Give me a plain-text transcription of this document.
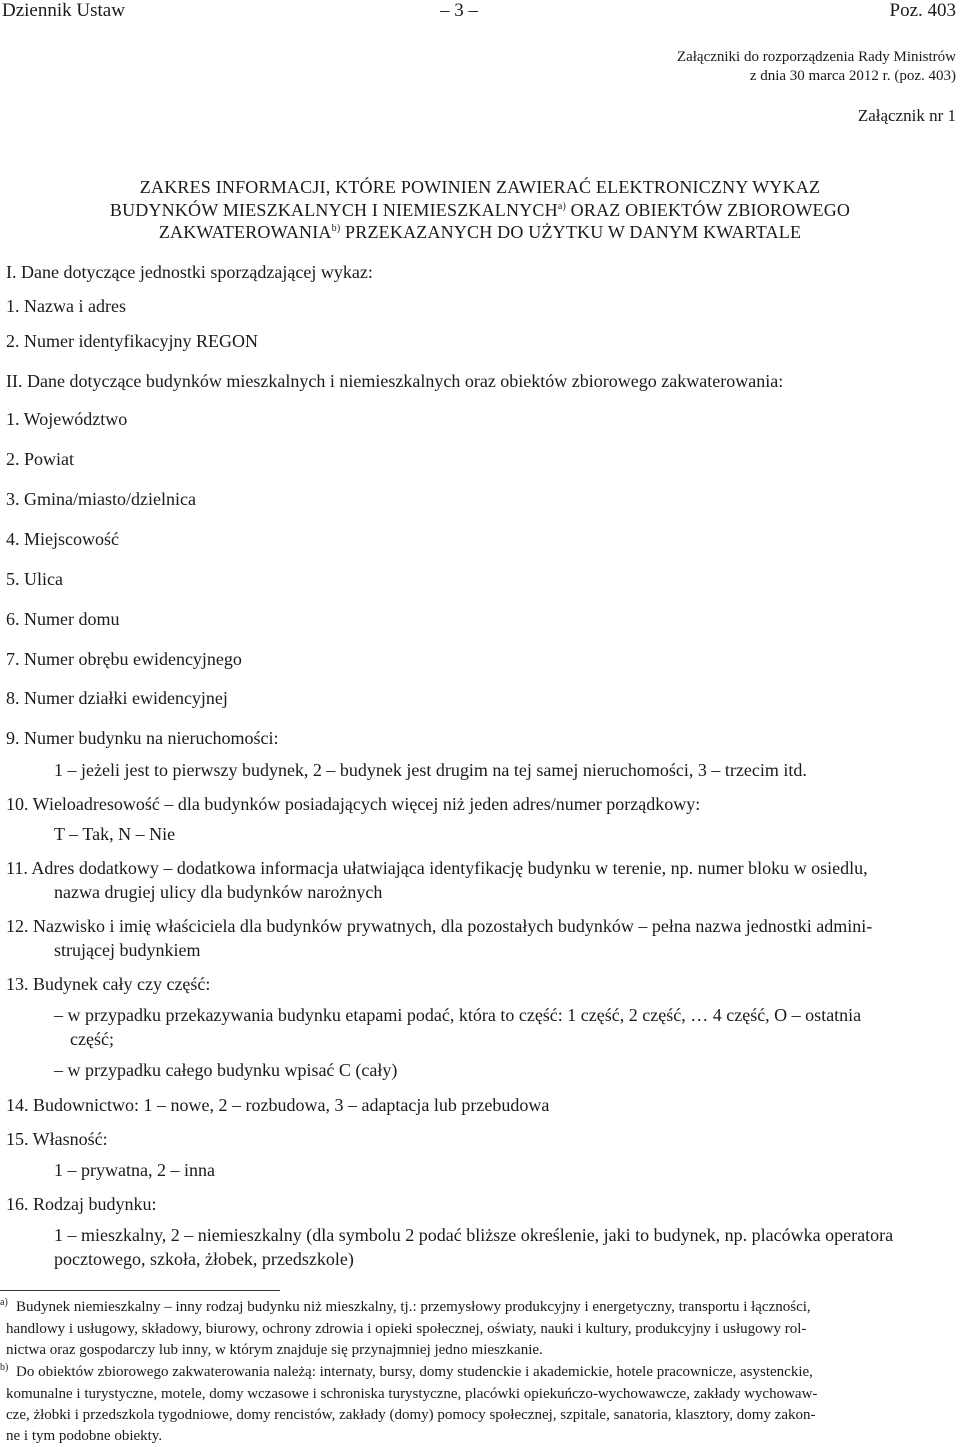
Dziennik Ustaw	– 3 –	Poz. 403
Załączniki do rozporządzenia Rady Ministrów
z dnia 30 marca 2012 r. (poz. 403)
Załącznik nr 1
ZAKRES INFORMACJI, KTÓRE POWINIEN ZAWIERAĆ ELEKTRONICZNY WYKAZ
BUDYNKÓW MIESZKALNYCH I NIEMIESZKALNYCH$^{a)}$ ORAZ OBIEKTÓW ZBIOROWEGO
ZAKWATEROWANIA$^{b)}$ PRZEKAZANYCH DO UŻYTKU W DANYM KWARTALE
I. Dane dotyczące jednostki sporządzającej wykaz:
1. Nazwa i adres
2. Numer identyfikacyjny REGON
II. Dane dotyczące budynków mieszkalnych i niemieszkalnych oraz obiektów zbiorowego zakwaterowania:
1. Województwo
2. Powiat
3. Gmina/miasto/dzielnica
4. Miejscowość
5. Ulica
6. Numer domu
7. Numer obrębu ewidencyjnego
8. Numer działki ewidencyjnej
9. Numer budynku na nieruchomości:
1 – jeżeli jest to pierwszy budynek, 2 – budynek jest drugim na tej samej nieruchomości, 3 – trzecim itd.
10. Wieloadresowość – dla budynków posiadających więcej niż jeden adres/numer porządkowy:
T – Tak, N – Nie
11. Adres dodatkowy – dodatkowa informacja ułatwiająca identyfikację budynku w terenie, np. numer bloku w osiedlu,
nazwa drugiej ulicy dla budynków narożnych
12. Nazwisko i imię właściciela dla budynków prywatnych, dla pozostałych budynków – pełna nazwa jednostki admini-
strującej budynkiem
13. Budynek cały czy część:
– w przypadku przekazywania budynku etapami podać, która to część: 1 część, 2 część, … 4 część, O – ostatnia
część;
– w przypadku całego budynku wpisać C (cały)
14. Budownictwo: 1 – nowe, 2 – rozbudowa, 3 – adaptacja lub przebudowa
15. Własność:
1 – prywatna, 2 – inna
16. Rodzaj budynku:
1 – mieszkalny, 2 – niemieszkalny (dla symbolu 2 podać bliższe określenie, jaki to budynek, np. placówka operatora
pocztowego, szkoła, żłobek, przedszkole)
a) Budynek niemieszkalny – inny rodzaj budynku niż mieszkalny, tj.: przemysłowy produkcyjny i energetyczny, transportu i łączności,
handlowy i usługowy, składowy, biurowy, ochrony zdrowia i opieki społecznej, oświaty, nauki i kultury, produkcyjny i usługowy rol-
nictwa oraz gospodarczy lub inny, w którym znajduje się przynajmniej jedno mieszkanie.
b) Do obiektów zbiorowego zakwaterowania należą: internaty, bursy, domy studenckie i akademickie, hotele pracownicze, asystenckie,
komunalne i turystyczne, motele, domy wczasowe i schroniska turystyczne, placówki opiekuńczo-wychowawcze, zakłady wychowaw-
cze, żłobki i przedszkola tygodniowe, domy rencistów, zakłady (domy) pomocy społecznej, szpitale, sanatoria, klasztory, domy zakon-
ne i tym podobne obiekty.
